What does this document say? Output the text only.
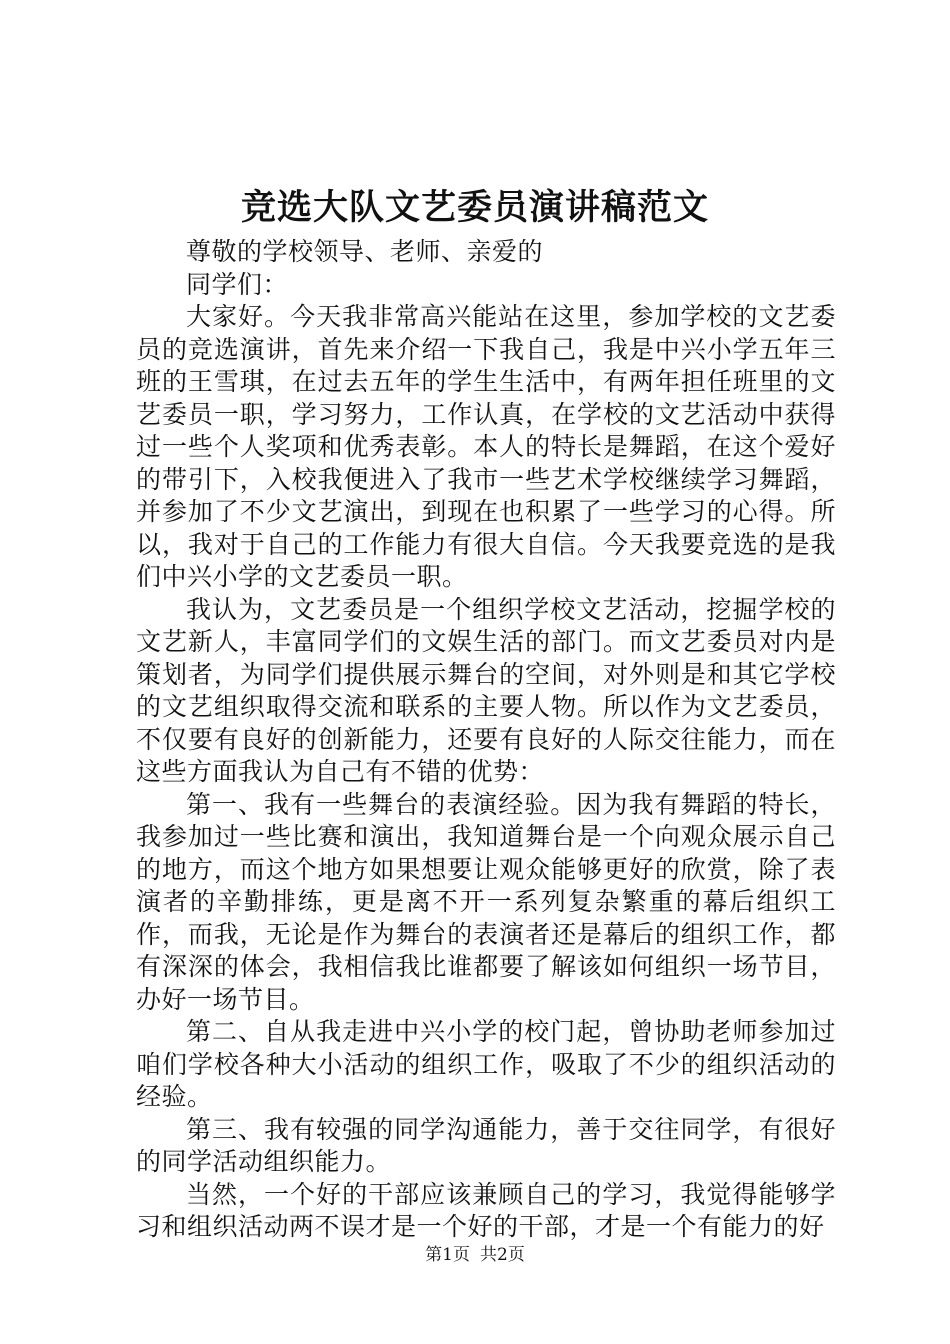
竞选大队文艺委员演讲稿范文
尊敬的学校领导、老师、亲爱的
同学们：

大家好。今天我非常高兴能站在这里，参加学校的文艺委员的竞选演讲，首先来介绍一下我自己，我是中兴小学五年三班的王雪琪，在过去五年的学生生活中，有两年担任班里的文艺委员一职，学习努力，工作认真，在学校的文艺活动中获得过一些个人奖项和优秀表彰。本人的特长是舞蹈，在这个爱好的带引下，入校我便进入了我市一些艺术学校继续学习舞蹈，并参加了不少文艺演出，到现在也积累了一些学习的心得。所以，我对于自己的工作能力有很大自信。今天我要竞选的是我们中兴小学的文艺委员一职。

我认为，文艺委员是一个组织学校文艺活动，挖掘学校的文艺新人，丰富同学们的文娱生活的部门。而文艺委员对内是策划者，为同学们提供展示舞台的空间，对外则是和其它学校的文艺组织取得交流和联系的主要人物。所以作为文艺委员，不仅要有良好的创新能力，还要有良好的人际交往能力，而在这些方面我认为自己有不错的优势：

第一、我有一些舞台的表演经验。因为我有舞蹈的特长，我参加过一些比赛和演出，我知道舞台是一个向观众展示自己的地方，而这个地方如果想要让观众能够更好的欣赏，除了表演者的辛勤排练，更是离不开一系列复杂繁重的幕后组织工作，而我，无论是作为舞台的表演者还是幕后的组织工作，都有深深的体会，我相信我比谁都要了解该如何组织一场节目，办好一场节目。

第二、自从我走进中兴小学的校门起，曾协助老师参加过咱们学校各种大小活动的组织工作，吸取了不少的组织活动的经验。

第三、我有较强的同学沟通能力，善于交往同学，有很好的同学活动组织能力。

当然，一个好的干部应该兼顾自己的学习，我觉得能够学习和组织活动两不误才是一个好的干部，才是一个有能力的好

第1页 共2页
